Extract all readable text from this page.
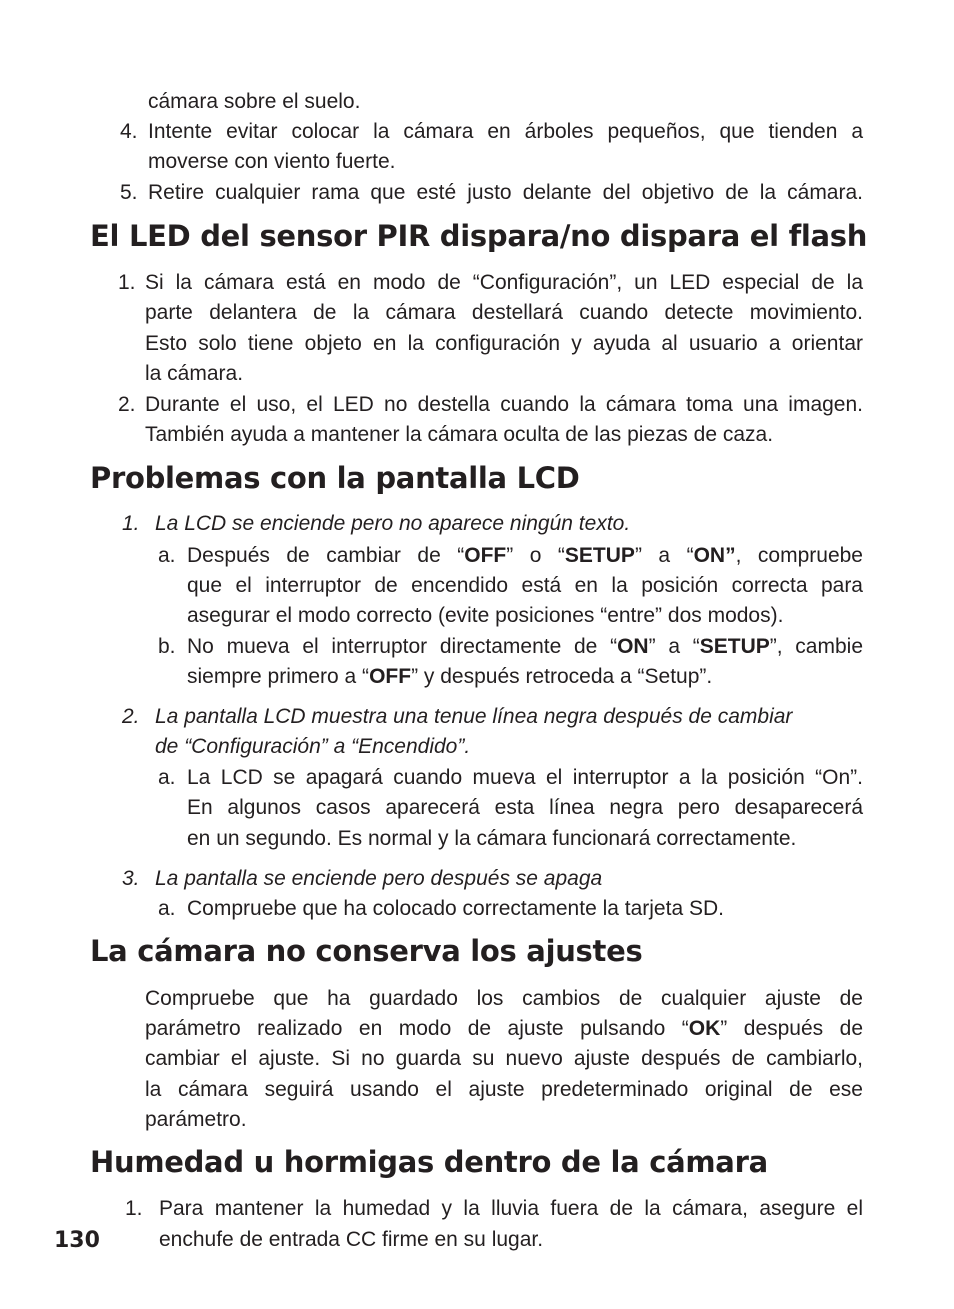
cámara sobre el suelo.
4. Intente evitar colocar la cámara en árboles pequeños, que tienden a
moverse con viento fuerte.
5. Retire cualquier rama que esté justo delante del objetivo de la cámara.
El LED del sensor PIR dispara/no dispara el flash
1. Si la cámara está en modo de “Configuración”, un LED especial de la
parte delantera de la cámara destellará cuando detecte movimiento.
Esto solo tiene objeto en la configuración y ayuda al usuario a orientar
la cámara.
2. Durante el uso, el LED no destella cuando la cámara toma una imagen.
También ayuda a mantener la cámara oculta de las piezas de caza.
Problemas con la pantalla LCD
1. La LCD se enciende pero no aparece ningún texto.
a. Después de cambiar de “OFF” o “SETUP” a “ON”, compruebe
que el interruptor de encendido está en la posición correcta para
asegurar el modo correcto (evite posiciones “entre” dos modos).
b. No mueva el interruptor directamente de “ON” a “SETUP”, cambie
siempre primero a “OFF” y después retroceda a “Setup”.
2. La pantalla LCD muestra una tenue línea negra después de cambiar
de “Configuración” a “Encendido”.
a. La LCD se apagará cuando mueva el interruptor a la posición “On”.
En algunos casos aparecerá esta línea negra pero desaparecerá
en un segundo. Es normal y la cámara funcionará correctamente.
3. La pantalla se enciende pero después se apaga
a. Compruebe que ha colocado correctamente la tarjeta SD.
La cámara no conserva los ajustes
Compruebe que ha guardado los cambios de cualquier ajuste de
parámetro realizado en modo de ajuste pulsando “OK” después de
cambiar el ajuste. Si no guarda su nuevo ajuste después de cambiarlo,
la cámara seguirá usando el ajuste predeterminado original de ese
parámetro.
Humedad u hormigas dentro de la cámara
1. Para mantener la humedad y la lluvia fuera de la cámara, asegure el
enchufe de entrada CC firme en su lugar.
130
